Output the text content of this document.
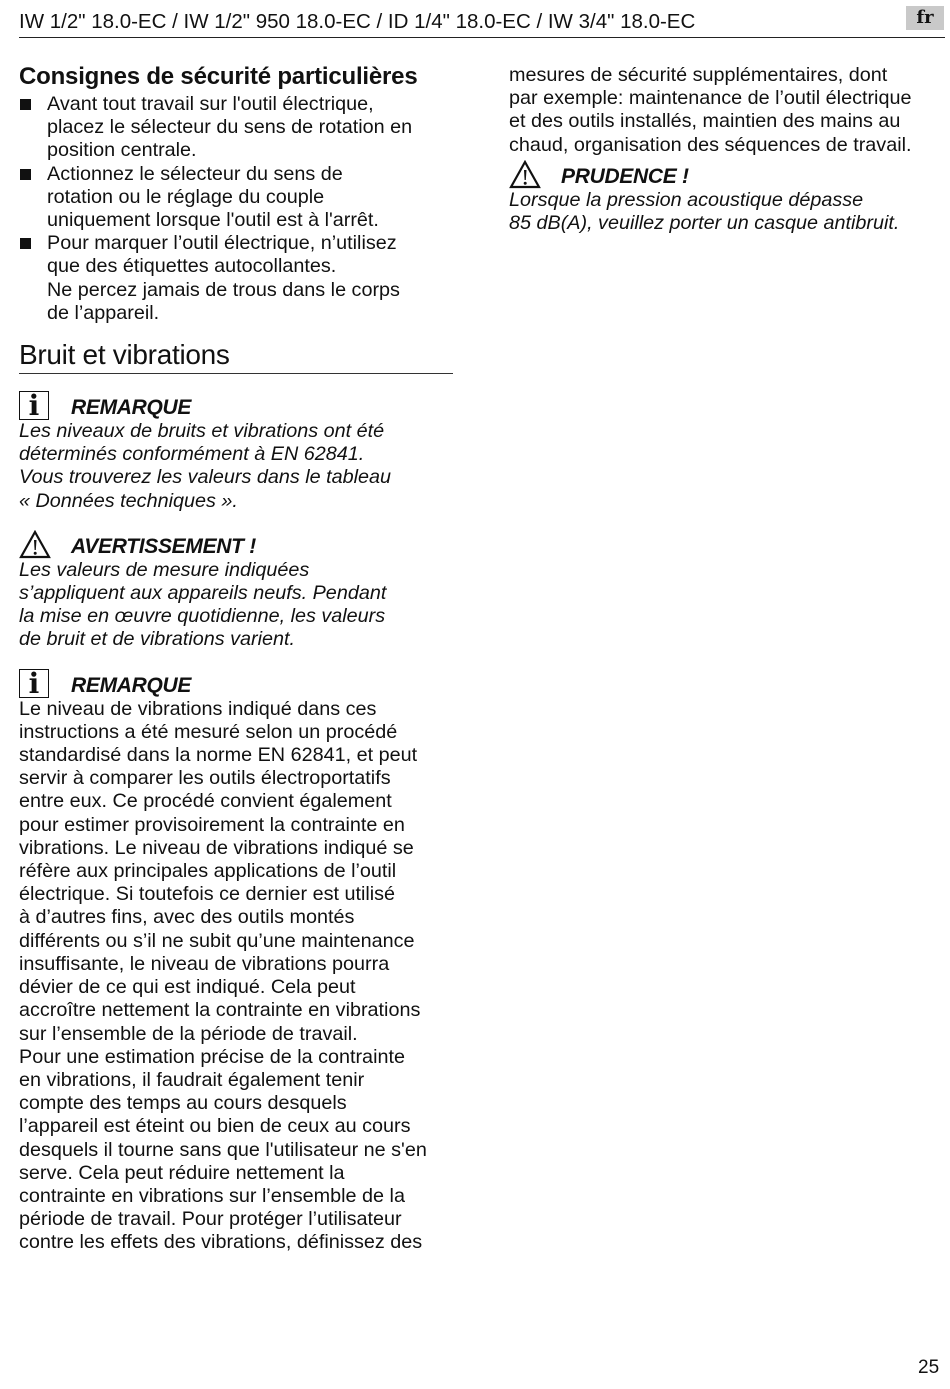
IW 1/2" 18.0-EC / IW 1/2" 950 18.0-EC / ID 1/4" 18.0-EC / IW 3/4" 18.0-EC	fr
Consignes de sécurité particulières
Avant tout travail sur l'outil électrique,
placez le sélecteur du sens de rotation en
position centrale.
Actionnez le sélecteur du sens de
rotation ou le réglage du couple
uniquement lorsque l'outil est à l'arrêt.
Pour marquer l’outil électrique, n’utilisez
que des étiquettes autocollantes.
Ne percez jamais de trous dans le corps
de l’appareil.
Bruit et vibrations
i	REMARQUE
Les niveaux de bruits et vibrations ont été
déterminés conformément à EN 62841.
Vous trouverez les valeurs dans le tableau
« Données techniques ».
AVERTISSEMENT !
Les valeurs de mesure indiquées
s’appliquent aux appareils neufs. Pendant
la mise en œuvre quotidienne, les valeurs
de bruit et de vibrations varient.
i	REMARQUE
Le niveau de vibrations indiqué dans ces
instructions a été mesuré selon un procédé
standardisé dans la norme EN 62841, et peut
servir à comparer les outils électroportatifs
entre eux. Ce procédé convient également
pour estimer provisoirement la contrainte en
vibrations. Le niveau de vibrations indiqué se
réfère aux principales applications de l’outil
électrique. Si toutefois ce dernier est utilisé
à d’autres fins, avec des outils montés
différents ou s’il ne subit qu’une maintenance
insuffisante, le niveau de vibrations pourra
dévier de ce qui est indiqué. Cela peut
accroître nettement la contrainte en vibrations
sur l’ensemble de la période de travail.
Pour une estimation précise de la contrainte
en vibrations, il faudrait également tenir
compte des temps au cours desquels
l’appareil est éteint ou bien de ceux au cours
desquels il tourne sans que l'utilisateur ne s'en
serve. Cela peut réduire nettement la
contrainte en vibrations sur l’ensemble de la
période de travail. Pour protéger l’utilisateur
contre les effets des vibrations, définissez des
mesures de sécurité supplémentaires, dont
par exemple: maintenance de l’outil électrique
et des outils installés, maintien des mains au
chaud, organisation des séquences de travail.
PRUDENCE !
Lorsque la pression acoustique dépasse
85 dB(A), veuillez porter un casque antibruit.
25
